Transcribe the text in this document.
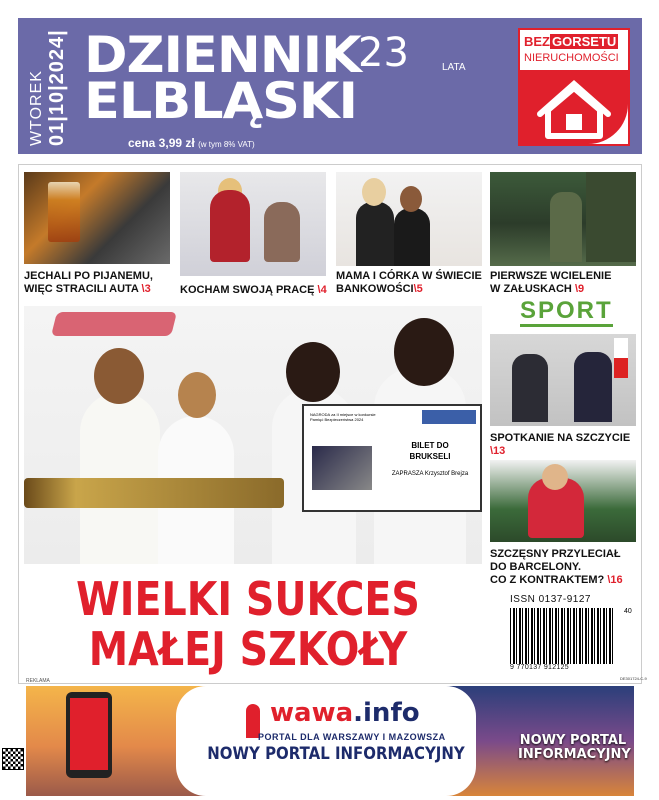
WTOREK 01|10|2024| DZIENNIK
ELBLĄSKI
23	LATA
cena 3,99 zł (w tym 8% VAT)
BEZ GORSETU
NIERUCHOMOŚCI
JECHALI PO PIJANEMU,
WIĘC STRACILI AUTA \3	KOCHAM SWOJĄ PRACĘ \4
MAMA I CÓRKA W ŚWIECIE
BANKOWOŚCI\5
PIERWSZE WCIELENIE
W ZAŁUSKACH \9
NAGRODA za II miejsce w konkursie Pamięć Bezpieczeństwa 2024
BILET DO BRUKSELI
ZAPRASZA Krzysztof Brejza
WIELKI SUKCES
MAŁEJ SZKOŁY
SPORT
SPOTKANIE NA SZCZYCIE \13
SZCZĘSNY PRZYLECIAŁ
DO BARCELONY.
CO Z KONTRAKTEM? \16
ISSN 0137-9127
9 770137 912125
40
DE301724-C-9
REKLAMA
wawa.info
PORTAL DLA WARSZAWY I MAZOWSZA
NOWY PORTAL INFORMACYJNY
NOWY PORTAL INFORMACYJNY
